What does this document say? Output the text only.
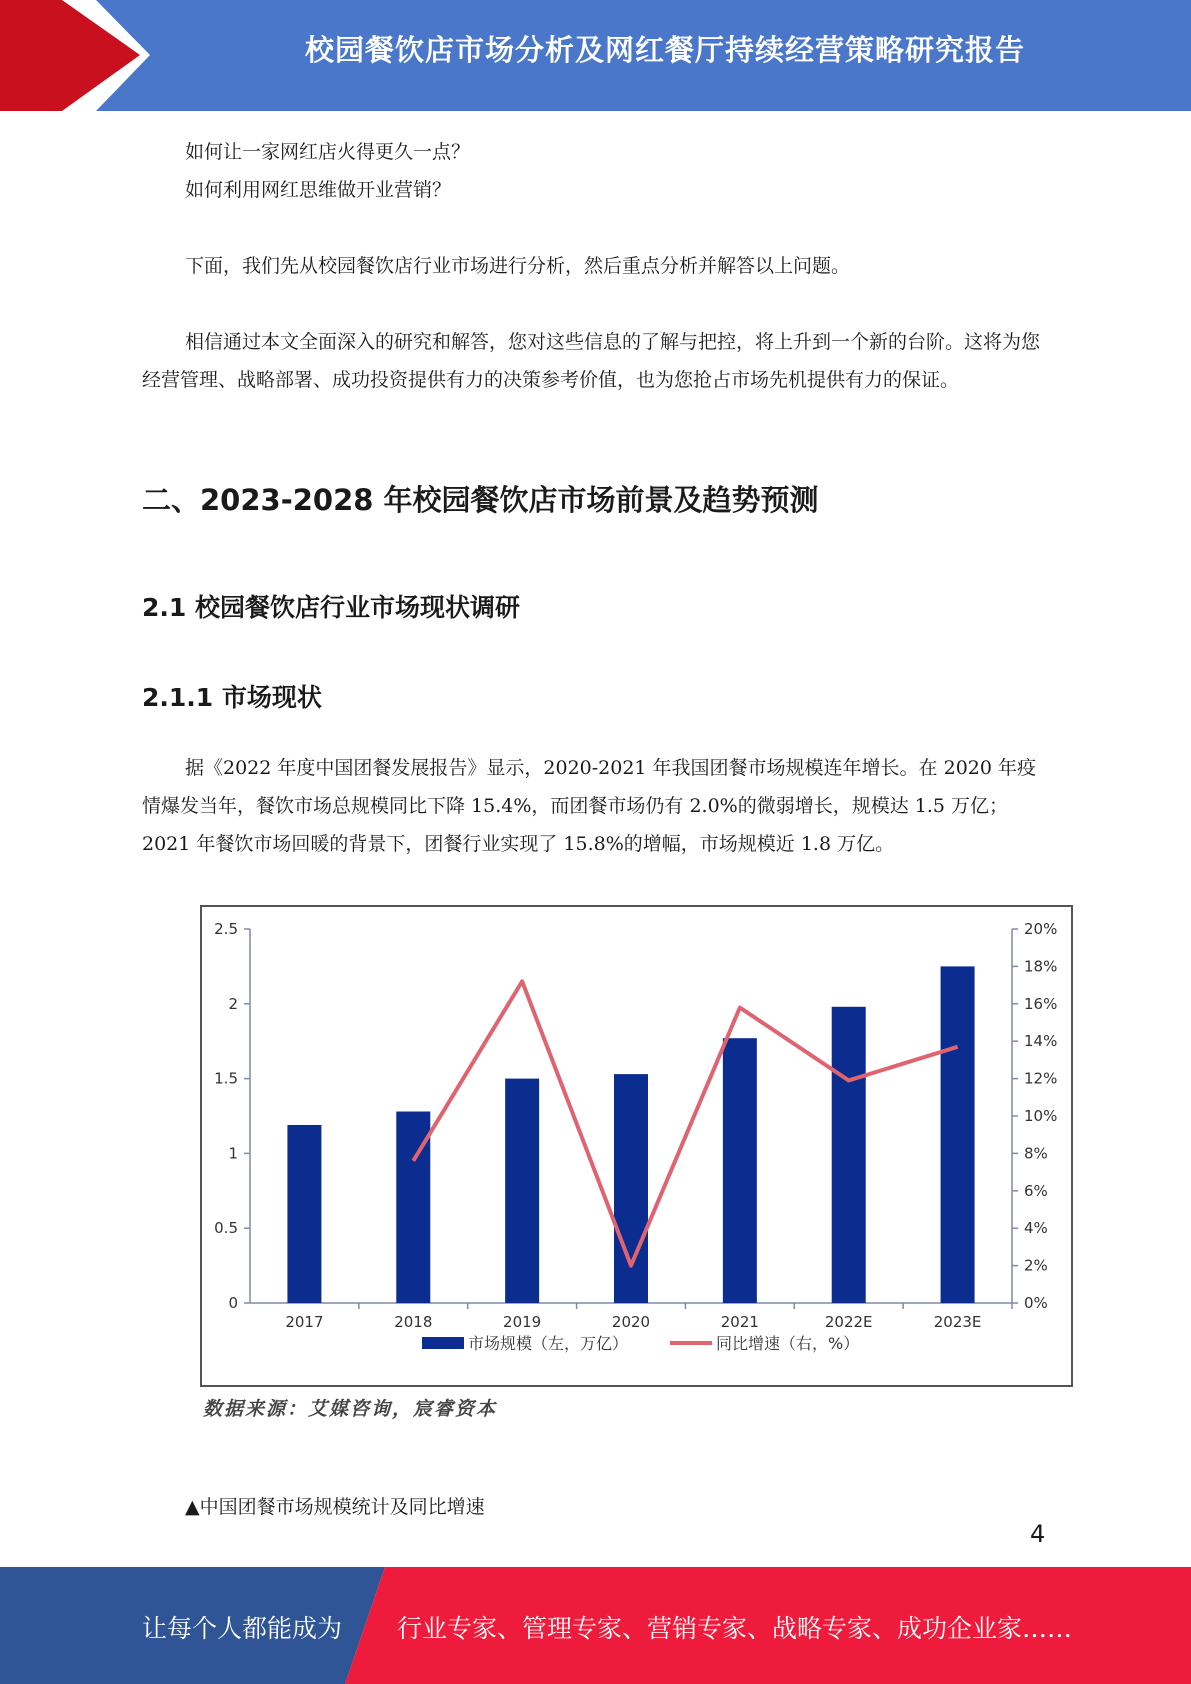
校园餐饮店市场分析及网红餐厅持续经营策略研究报告

如何让一家网红店火得更久一点？

如何利用网红思维做开业营销？

下面，我们先从校园餐饮店行业市场进行分析，然后重点分析并解答以上问题。

相信通过本文全面深入的研究和解答，您对这些信息的了解与把控，将上升到一个新的台阶。这将为您经营管理、战略部署、成功投资提供有力的决策参考价值，也为您抢占市场先机提供有力的保证。

二、2023-2028 年校园餐饮店市场前景及趋势预测
2.1 校园餐饮店行业市场现状调研
2.1.1 市场现状

据《2022 年度中国团餐发展报告》显示，2020-2021 年我国团餐市场规模连年增长。在 2020 年疫情爆发当年，餐饮市场总规模同比下降 15.4%，而团餐市场仍有 2.0%的微弱增长，规模达 1.5 万亿；2021 年餐饮市场回暖的背景下，团餐行业实现了 15.8%的增幅，市场规模近 1.8 万亿。

0
0.5
1
1.5
2
2.5
0%
2%
4%
6%
8%
10%
12%
14%
16%
18%
20%
2017	2018	2019	2020	2021	2022E	2023E
市场规模（左，万亿）	同比增速（右，%）
数据来源：艾媒咨询，宸睿资本
▲中国团餐市场规模统计及同比增速
4
让每个人都能成为 行业专家、管理专家、营销专家、战略专家、成功企业家……
